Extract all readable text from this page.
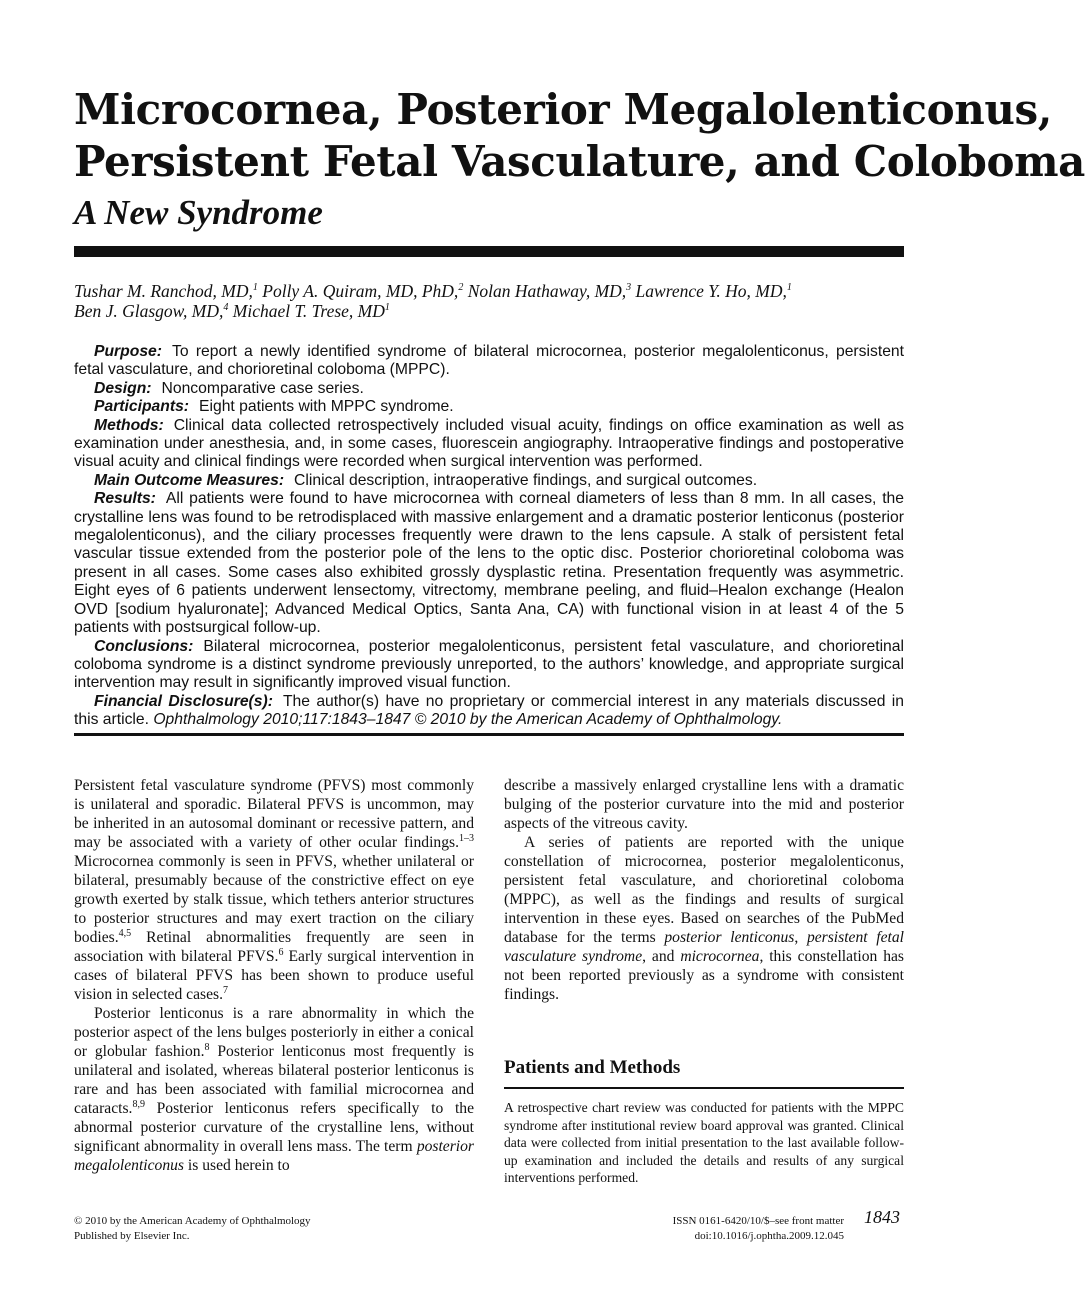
Microcornea, Posterior Megalolenticonus,
Persistent Fetal Vasculature, and Coloboma
A New Syndrome
Tushar M. Ranchod, MD,$^1$ Polly A. Quiram, MD, PhD,$^2$ Nolan Hathaway, MD,$^3$ Lawrence Y. Ho, MD,$^1$
Ben J. Glasgow, MD,$^4$ Michael T. Trese, $MD^1$

Purpose: To report a newly identified syndrome of bilateral microcornea, posterior megalolenticonus, persistent fetal vasculature, and chorioretinal coloboma (MPPC).

Design: Noncomparative case series.

Participants: Eight patients with MPPC syndrome.

Methods: Clinical data collected retrospectively included visual acuity, findings on office examination as well as examination under anesthesia, and, in some cases, fluorescein angiography. Intraoperative findings and postoperative visual acuity and clinical findings were recorded when surgical intervention was performed.

Main Outcome Measures: Clinical description, intraoperative findings, and surgical outcomes.

Results: All patients were found to have microcornea with corneal diameters of less than 8 mm. In all cases, the crystalline lens was found to be retrodisplaced with massive enlargement and a dramatic posterior lenticonus (posterior megalolenticonus), and the ciliary processes frequently were drawn to the lens capsule. A stalk of persistent fetal vascular tissue extended from the posterior pole of the lens to the optic disc. Posterior chorioretinal coloboma was present in all cases. Some cases also exhibited grossly dysplastic retina. Presentation frequently was asymmetric. Eight eyes of 6 patients underwent lensectomy, vitrectomy, membrane peeling, and fluid–Healon exchange (Healon OVD [sodium hyaluronate]; Advanced Medical Optics, Santa Ana, CA) with functional vision in at least 4 of the 5 patients with postsurgical follow-up.

Conclusions: Bilateral microcornea, posterior megalolenticonus, persistent fetal vasculature, and chorioretinal coloboma syndrome is a distinct syndrome previously unreported, to the authors’ knowledge, and appropriate surgical intervention may result in significantly improved visual function.

Financial Disclosure(s): The author(s) have no proprietary or commercial interest in any materials discussed in this article. Ophthalmology 2010;117:1843–1847 © 2010 by the American Academy of Ophthalmology.

Persistent fetal vasculature syndrome (PFVS) most commonly is unilateral and sporadic. Bilateral PFVS is uncommon, may be inherited in an autosomal dominant or recessive pattern, and may be associated with a variety of other ocular findings.$^{1-3}$ Microcornea commonly is seen in PFVS, whether unilateral or bilateral, presumably because of the constrictive effect on eye growth exerted by stalk tissue, which tethers anterior structures to posterior structures and may exert traction on the ciliary bodies.$^{4,5}$ Retinal abnormalities frequently are seen in association with bilateral PFVS.$^6$ Early surgical intervention in cases of bilateral PFVS has been shown to produce useful vision in selected cases.$^7$

Posterior lenticonus is a rare abnormality in which the posterior aspect of the lens bulges posteriorly in either a conical or globular fashion.$^8$ Posterior lenticonus most frequently is unilateral and isolated, whereas bilateral posterior lenticonus is rare and has been associated with familial microcornea and cataracts.$^{8,9}$ Posterior lenticonus refers specifically to the abnormal posterior curvature of the crystalline lens, without significant abnormality in overall lens mass. The term posterior megalolenticonus is used herein to

describe a massively enlarged crystalline lens with a dramatic bulging of the posterior curvature into the mid and posterior aspects of the vitreous cavity.

A series of patients are reported with the unique constellation of microcornea, posterior megalolenticonus, persistent fetal vasculature, and chorioretinal coloboma (MPPC), as well as the findings and results of surgical intervention in these eyes. Based on searches of the PubMed database for the terms posterior lenticonus, persistent fetal vasculature syndrome, and microcornea, this constellation has not been reported previously as a syndrome with consistent findings.

Patients and Methods

A retrospective chart review was conducted for patients with the MPPC syndrome after institutional review board approval was granted. Clinical data were collected from initial presentation to the last available follow-up examination and included the details and results of any surgical interventions performed.

© 2010 by the American Academy of Ophthalmology
Published by Elsevier Inc.
ISSN 0161-6420/10/$–see front matter
doi:10.1016/j.ophtha.2009.12.045
1843
